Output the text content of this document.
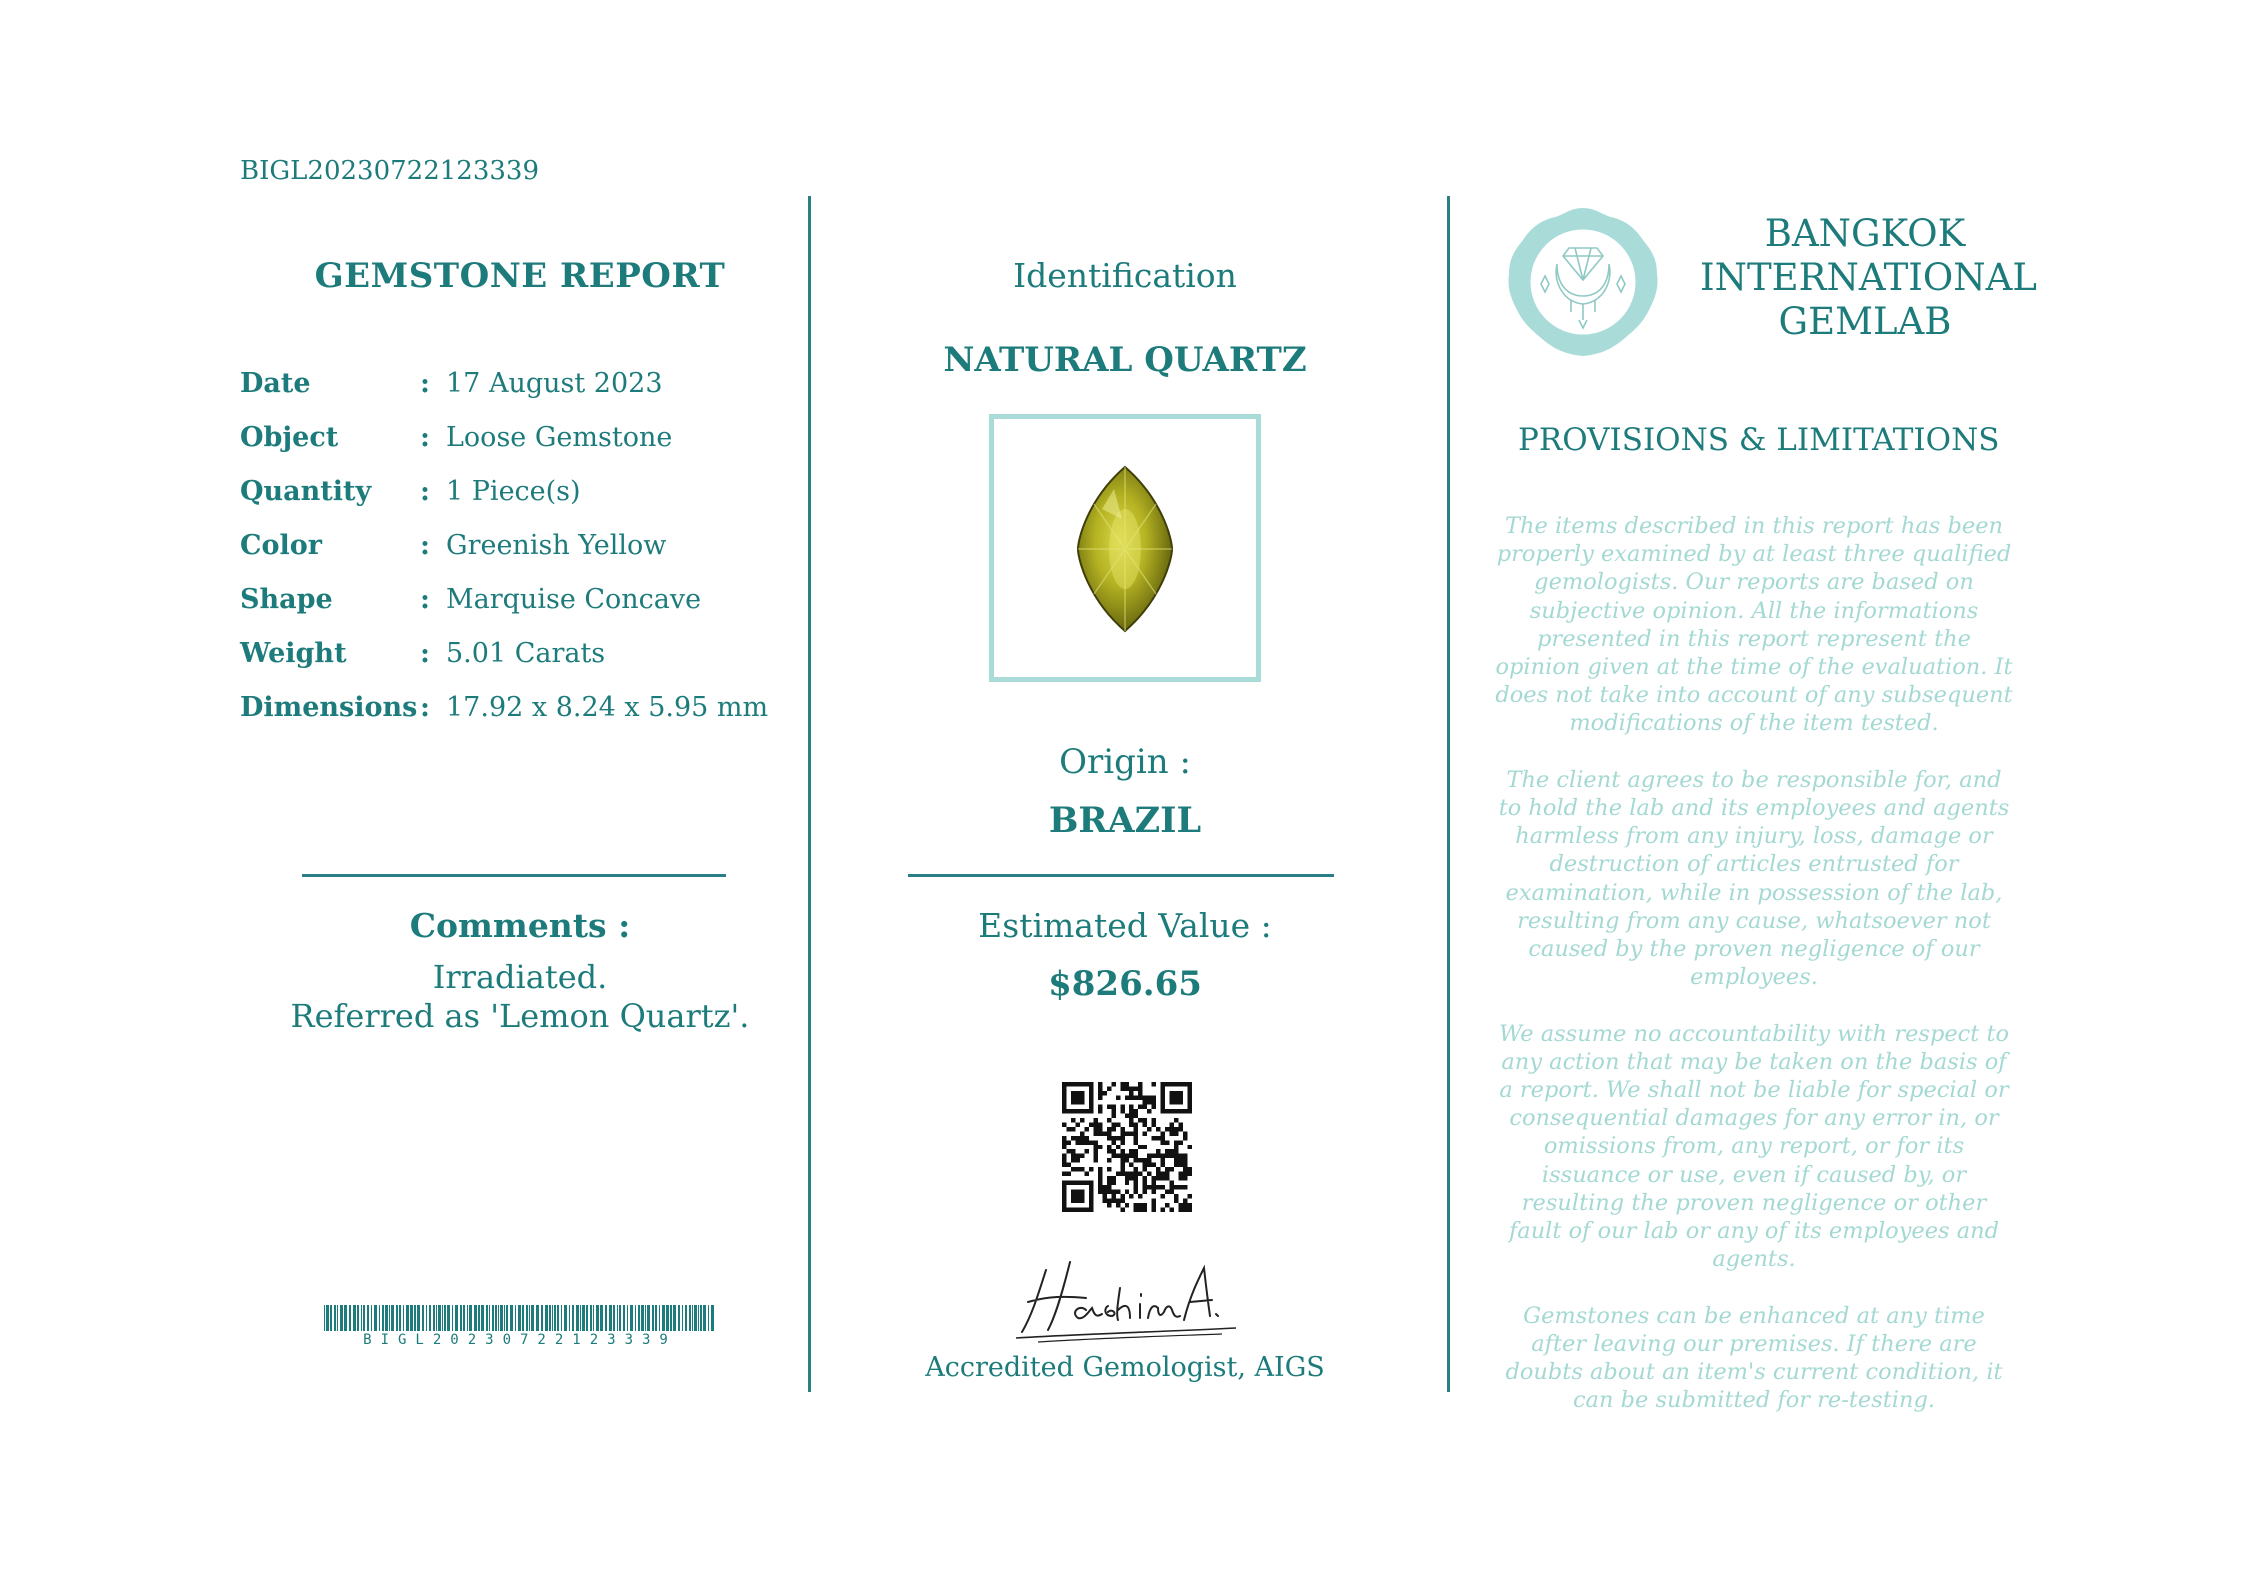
BIGL20230722123339
GEMSTONE REPORT
Date	: 17 August 2023
Object	: Loose Gemstone
Quantity	: 1 Piece(s)
Color	: Greenish Yellow
Shape	: Marquise Concave
Weight	: 5.01 Carats
Dimensions : 17.92 x 8.24 x 5.95 mm
Comments :
Irradiated.
Referred as 'Lemon Quartz'.
BIGL20230722123339
Identification
NATURAL QUARTZ
Origin :
BRAZIL
Estimated Value :
$826.65
Accredited Gemologist, AIGS
BANGKOK
INTERNATIONAL
GEMLAB
PROVISIONS & LIMITATIONS

The items described in this report has been properly examined by at least three qualified gemologists. Our reports are based on subjective opinion. All the informations presented in this report represent the opinion given at the time of the evaluation. It does not take into account of any subsequent modifications of the item tested.

The client agrees to be responsible for, and to hold the lab and its employees and agents harmless from any injury, loss, damage or destruction of articles entrusted for examination, while in possession of the lab, resulting from any cause, whatsoever not caused by the proven negligence of our employees.

We assume no accountability with respect to any action that may be taken on the basis of a report. We shall not be liable for special or consequential damages for any error in, or omissions from, any report, or for its issuance or use, even if caused by, or resulting the proven negligence or other fault of our lab or any of its employees and agents.

Gemstones can be enhanced at any time after leaving our premises. If there are doubts about an item's current condition, it can be submitted for re-testing.
